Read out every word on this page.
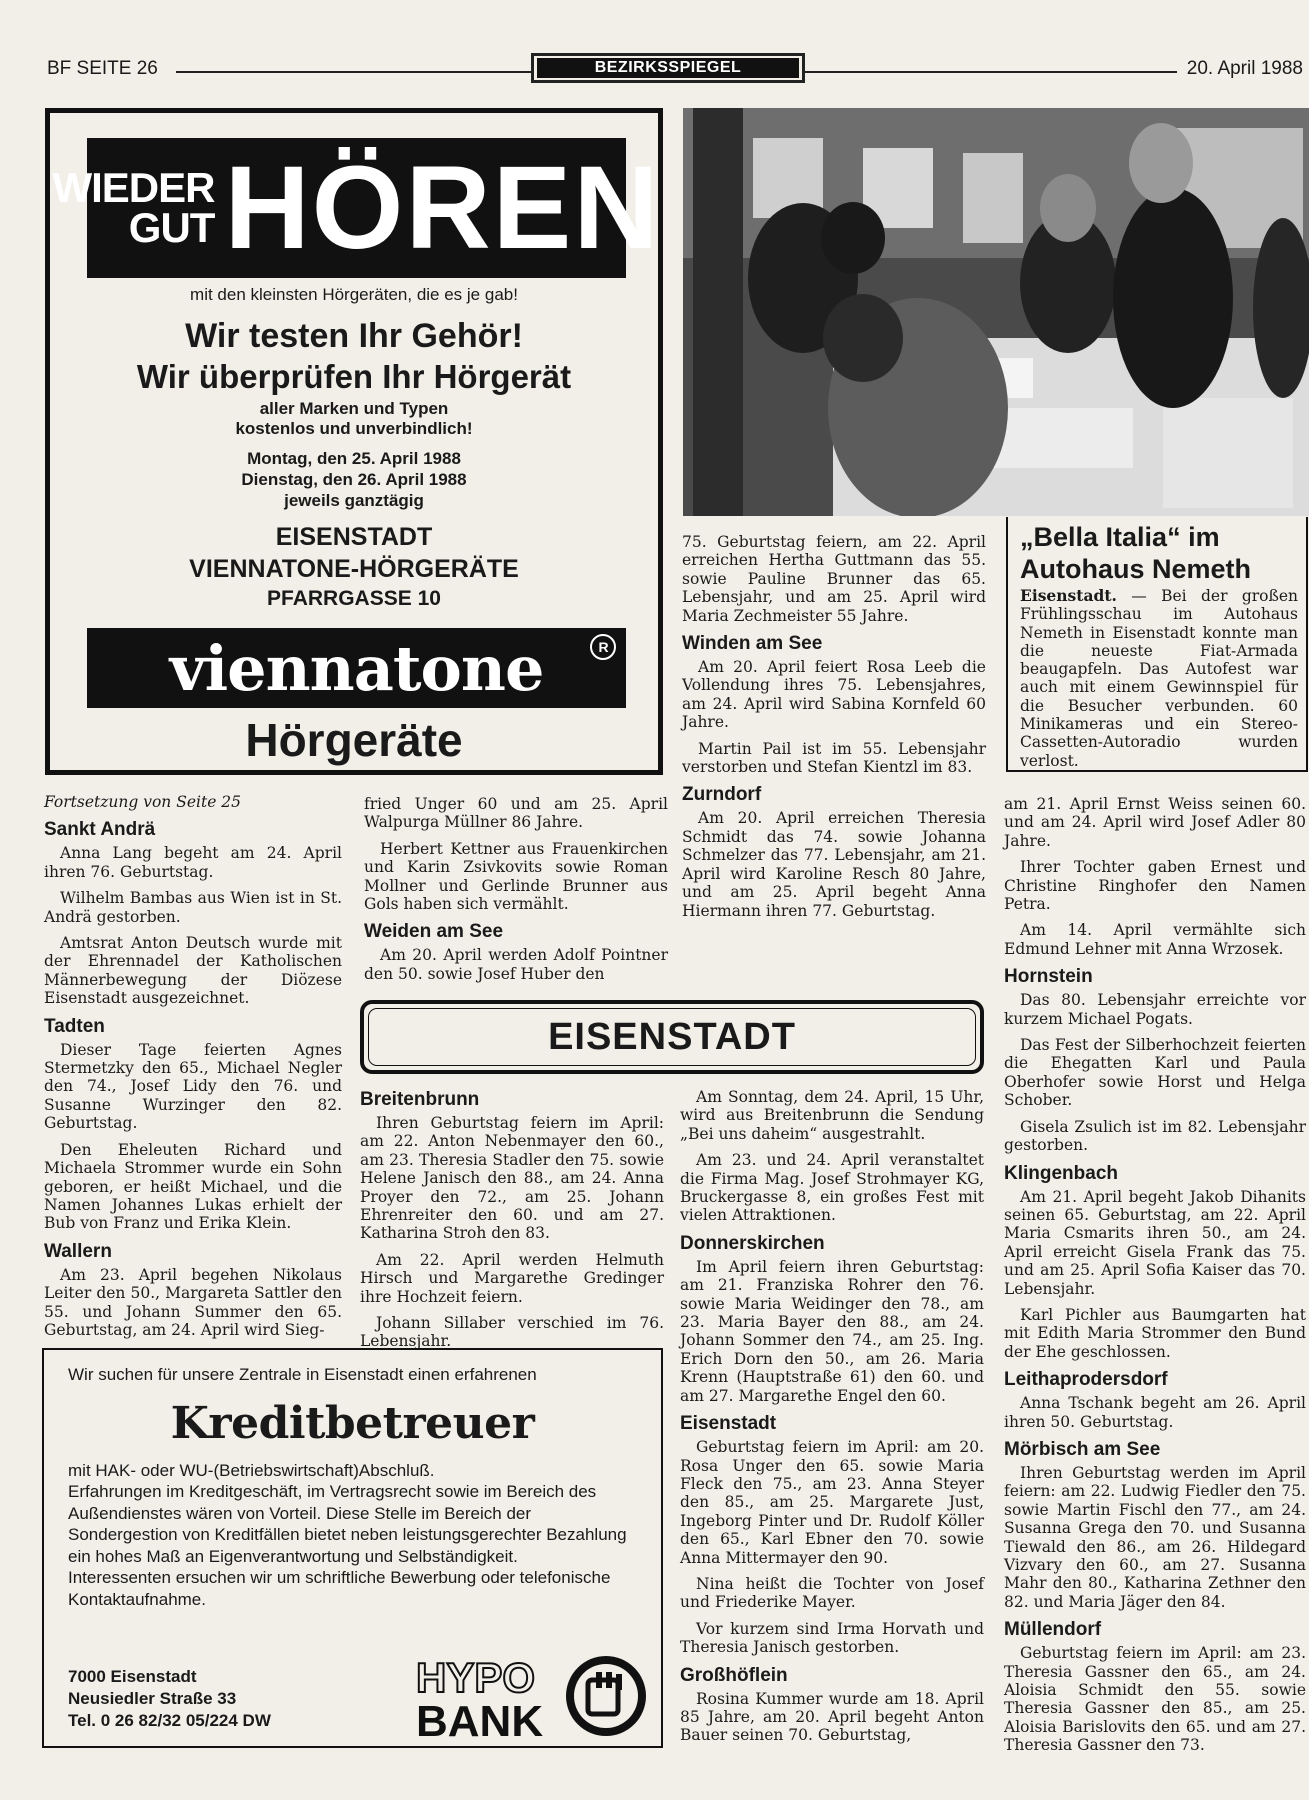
BF SEITE 26	BEZIRKSSPIEGEL	20. April 1988
WIEDER
GUT HÖREN
mit den kleinsten Hörgeräten, die es je gab!
Wir testen Ihr Gehör!
Wir überprüfen Ihr Hörgerät
aller Marken und Typen
kostenlos und unverbindlich!
Montag, den 25. April 1988
Dienstag, den 26. April 1988
jeweils ganztägig
EISENSTADT
VIENNATONE-HÖRGERÄTE
PFARRGASSE 10
viennatone	R
Hörgeräte
„Bella Italia“ im Autohaus Nemeth

Eisenstadt. — Bei der großen Frühlingsschau im Autohaus Nemeth in Eisenstadt konnte man die neueste Fiat-Armada beaugapfeln. Das Autofest war auch mit einem Gewinnspiel für die Besucher verbunden. 60 Minikameras und ein Stereo-Cassetten-Autoradio wurden verlost.

Fortsetzung von Seite 25

Sankt Andrä

Anna Lang begeht am 24. April ihren 76. Geburtstag.

Wilhelm Bambas aus Wien ist in St. Andrä gestorben.

Amtsrat Anton Deutsch wurde mit der Ehrennadel der Katholischen Männerbewegung der Diözese Eisenstadt ausgezeichnet.

Tadten

Dieser Tage feierten Agnes Stermetzky den 65., Michael Negler den 74., Josef Lidy den 76. und Susanne Wurzinger den 82. Geburtstag.

Den Eheleuten Richard und Michaela Strommer wurde ein Sohn geboren, er heißt Michael, und die Namen Johannes Lukas erhielt der Bub von Franz und Erika Klein.

Wallern

Am 23. April begehen Nikolaus Leiter den 50., Margareta Sattler den 55. und Johann Summer den 65. Geburtstag, am 24. April wird Sieg-

fried Unger 60 und am 25. April Walpurga Müllner 86 Jahre.

Herbert Kettner aus Frauenkirchen und Karin Zsivkovits sowie Roman Mollner und Gerlinde Brunner aus Gols haben sich vermählt.

Weiden am See

Am 20. April werden Adolf Pointner den 50. sowie Josef Huber den

75. Geburtstag feiern, am 22. April erreichen Hertha Guttmann das 55. sowie Pauline Brunner das 65. Lebensjahr, und am 25. April wird Maria Zechmeister 55 Jahre.

Winden am See

Am 20. April feiert Rosa Leeb die Vollendung ihres 75. Lebensjahres, am 24. April wird Sabina Kornfeld 60 Jahre.

Martin Pail ist im 55. Lebensjahr verstorben und Stefan Kientzl im 83.

Zurndorf

Am 20. April erreichen Theresia Schmidt das 74. sowie Johanna Schmelzer das 77. Lebensjahr, am 21. April wird Karoline Resch 80 Jahre, und am 25. April begeht Anna Hiermann ihren 77. Geburtstag.

EISENSTADT
Breitenbrunn

Ihren Geburtstag feiern im April: am 22. Anton Nebenmayer den 60., am 23. Theresia Stadler den 75. sowie Helene Janisch den 88., am 24. Anna Proyer den 72., am 25. Johann Ehrenreiter den 60. und am 27. Katharina Stroh den 83.

Am 22. April werden Helmuth Hirsch und Margarethe Gredinger ihre Hochzeit feiern.

Johann Sillaber verschied im 76. Lebensjahr.

Am Sonntag, dem 24. April, 15 Uhr, wird aus Breitenbrunn die Sendung „Bei uns daheim“ ausgestrahlt.

Am 23. und 24. April veranstaltet die Firma Mag. Josef Strohmayer KG, Bruckergasse 8, ein großes Fest mit vielen Attraktionen.

Donnerskirchen

Im April feiern ihren Geburtstag: am 21. Franziska Rohrer den 76. sowie Maria Weidinger den 78., am 23. Maria Bayer den 88., am 24. Johann Sommer den 74., am 25. Ing. Erich Dorn den 50., am 26. Maria Krenn (Hauptstraße 61) den 60. und am 27. Margarethe Engel den 60.

Eisenstadt

Geburtstag feiern im April: am 20. Rosa Unger den 65. sowie Maria Fleck den 75., am 23. Anna Steyer den 85., am 25. Margarete Just, Ingeborg Pinter und Dr. Rudolf Köller den 65., Karl Ebner den 70. sowie Anna Mittermayer den 90.

Nina heißt die Tochter von Josef und Friederike Mayer.

Vor kurzem sind Irma Horvath und Theresia Janisch gestorben.

Großhöflein

Rosina Kummer wurde am 18. April 85 Jahre, am 20. April begeht Anton Bauer seinen 70. Geburtstag,

am 21. April Ernst Weiss seinen 60. und am 24. April wird Josef Adler 80 Jahre.

Ihrer Tochter gaben Ernest und Christine Ringhofer den Namen Petra.

Am 14. April vermählte sich Edmund Lehner mit Anna Wrzosek.

Hornstein

Das 80. Lebensjahr erreichte vor kurzem Michael Pogats.

Das Fest der Silberhochzeit feierten die Ehegatten Karl und Paula Oberhofer sowie Horst und Helga Schober.

Gisela Zsulich ist im 82. Lebensjahr gestorben.

Klingenbach

Am 21. April begeht Jakob Dihanits seinen 65. Geburtstag, am 22. April Maria Csmarits ihren 50., am 24. April erreicht Gisela Frank das 75. und am 25. April Sofia Kaiser das 70. Lebensjahr.

Karl Pichler aus Baumgarten hat mit Edith Maria Strommer den Bund der Ehe geschlossen.

Leithaprodersdorf

Anna Tschank begeht am 26. April ihren 50. Geburtstag.

Mörbisch am See

Ihren Geburtstag werden im April feiern: am 22. Ludwig Fiedler den 75. sowie Martin Fischl den 77., am 24. Susanna Grega den 70. und Susanna Tiewald den 86., am 26. Hildegard Vizvary den 60., am 27. Susanna Mahr den 80., Katharina Zethner den 82. und Maria Jäger den 84.

Müllendorf

Geburtstag feiern im April: am 23. Theresia Gassner den 65., am 24. Aloisia Schmidt den 55. sowie Theresia Gassner den 85., am 25. Aloisia Barislovits den 65. und am 27. Theresia Gassner den 73.

Wir suchen für unsere Zentrale in Eisenstadt einen erfahrenen

Kreditbetreuer

mit HAK- oder WU-(Betriebswirtschaft)Abschluß.

Erfahrungen im Kreditgeschäft, im Vertragsrecht sowie im Bereich des Außendienstes wären von Vorteil. Diese Stelle im Bereich der Sondergestion von Kreditfällen bietet neben leistungsgerechter Bezahlung ein hohes Maß an Eigenverantwortung und Selbständigkeit.

Interessenten ersuchen wir um schriftliche Bewerbung oder telefonische Kontaktaufnahme.

7000 Eisenstadt
Neusiedler Straße 33
Tel. 0 26 82/32 05/224 DW
HYPO
BANK
